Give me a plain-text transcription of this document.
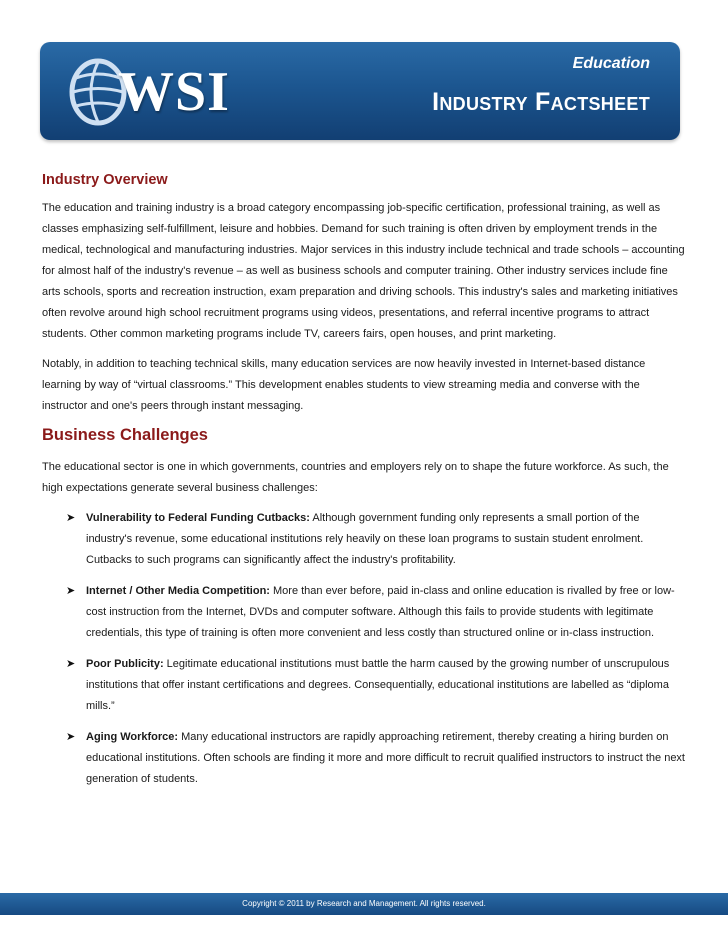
WSI	Education
Industry Factsheet
Industry Overview

The education and training industry is a broad category encompassing job-specific certification, professional training, as well as classes emphasizing self-fulfillment, leisure and hobbies. Demand for such training is often driven by employment trends in the medical, technological and manufacturing industries. Major services in this industry include technical and trade schools – accounting for almost half of the industry's revenue – as well as business schools and computer training. Other industry services include fine arts schools, sports and recreation instruction, exam preparation and driving schools. This industry's sales and marketing initiatives often revolve around high school recruitment programs using videos, presentations, and referral incentive programs to attract students. Other common marketing programs include TV, careers fairs, open houses, and print marketing.

Notably, in addition to teaching technical skills, many education services are now heavily invested in Internet-based distance learning by way of “virtual classrooms.” This development enables students to view streaming media and converse with the instructor and one's peers through instant messaging.

Business Challenges

The educational sector is one in which governments, countries and employers rely on to shape the future workforce. As such, the high expectations generate several business challenges:

➤ Vulnerability to Federal Funding Cutbacks: Although government funding only represents a small portion of the industry's revenue, some educational institutions rely heavily on these loan programs to sustain student enrolment. Cutbacks to such programs can significantly affect the industry's profitability.
➤ Internet / Other Media Competition: More than ever before, paid in-class and online education is rivalled by free or low-cost instruction from the Internet, DVDs and computer software. Although this fails to provide students with legitimate credentials, this type of training is often more convenient and less costly than structured online or in-class instruction.
➤ Poor Publicity: Legitimate educational institutions must battle the harm caused by the growing number of unscrupulous institutions that offer instant certifications and degrees. Consequentially, educational institutions are labelled as “diploma mills.”
➤ Aging Workforce: Many educational instructors are rapidly approaching retirement, thereby creating a hiring burden on educational institutions. Often schools are finding it more and more difficult to recruit qualified instructors to instruct the next generation of students.
Copyright © 2011 by Research and Management. All rights reserved.
